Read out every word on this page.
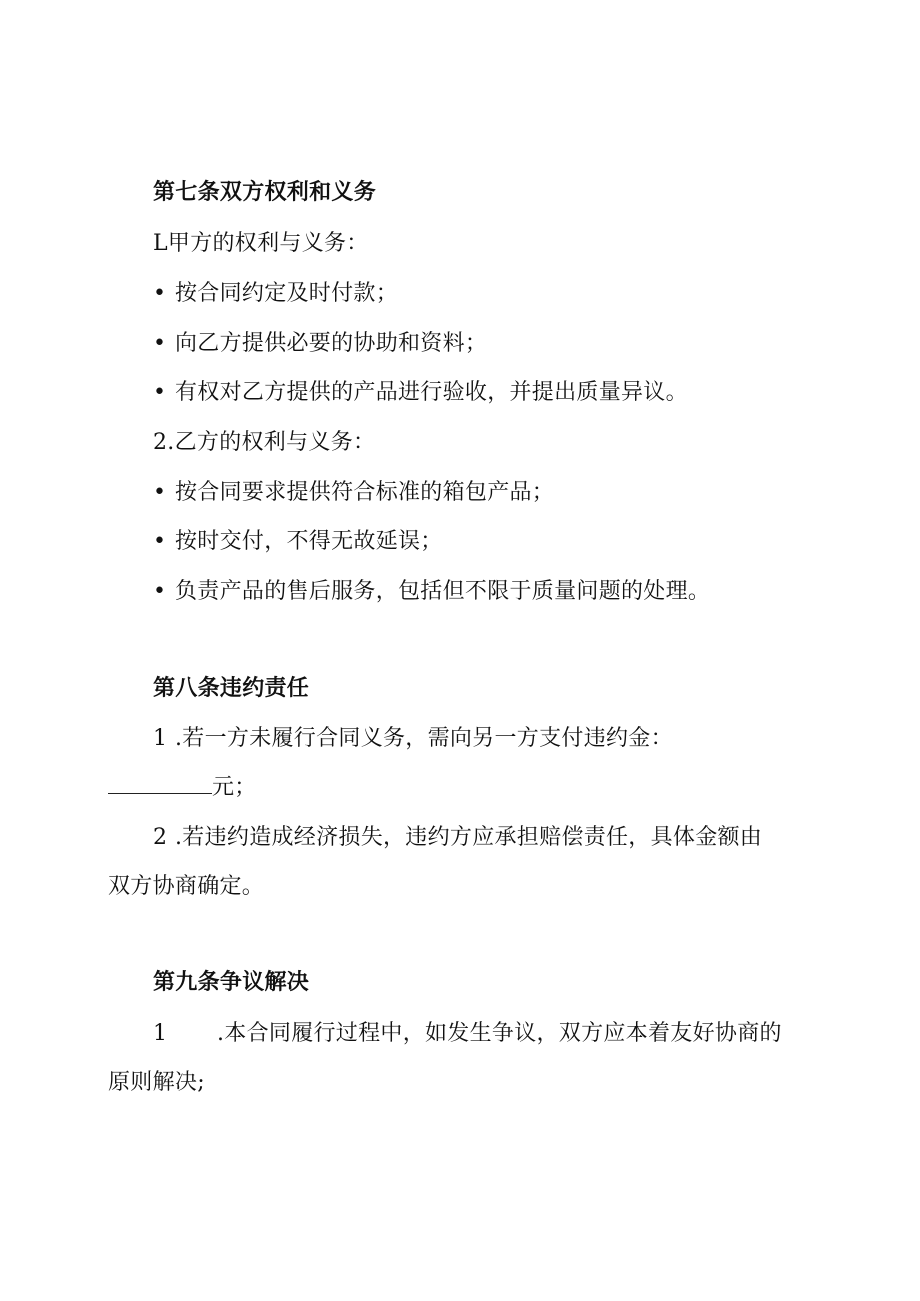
第七条双方权利和义务
L甲方的权利与义务：
• 按合同约定及时付款；
• 向乙方提供必要的协助和资料；
• 有权对乙方提供的产品进行验收，并提出质量异议。
2.乙方的权利与义务：
• 按合同要求提供符合标准的箱包产品；
• 按时交付，不得无故延误；
• 负责产品的售后服务，包括但不限于质量问题的处理。
第八条违约责任
1 .若一方未履行合同义务，需向另一方支付违约金：
元；
2 .若违约造成经济损失，违约方应承担赔偿责任，具体金额由
双方协商确定。
第九条争议解决
1 .本合同履行过程中，如发生争议，双方应本着友好协商的
原则解决;
